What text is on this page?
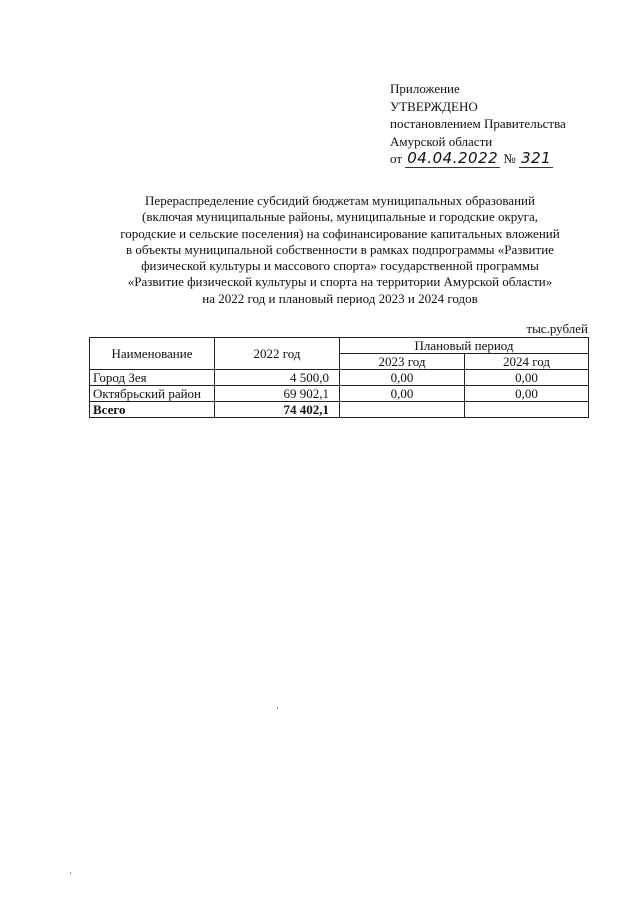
Приложение
УТВЕРЖДЕНО
постановлением Правительства
Амурской области
от 04.04.2022 № 321
Перераспределение субсидий бюджетам муниципальных образований
(включая муниципальные районы, муниципальные и городские округа,
городские и сельские поселения) на софинансирование капитальных вложений
в объекты муниципальной собственности в рамках подпрограммы «Развитие
физической культуры и массового спорта» государственной программы
«Развитие физической культуры и спорта на территории Амурской области»
на 2022 год и плановый период 2023 и 2024 годов
тыс.рублей
Наименование	2022 год	Плановый период	
		2023 год	2024 год
Город Зея	4 500,0	0,00	0,00
Октябрьский район	69 902,1	0,00	0,00
Всего	74 402,1		
